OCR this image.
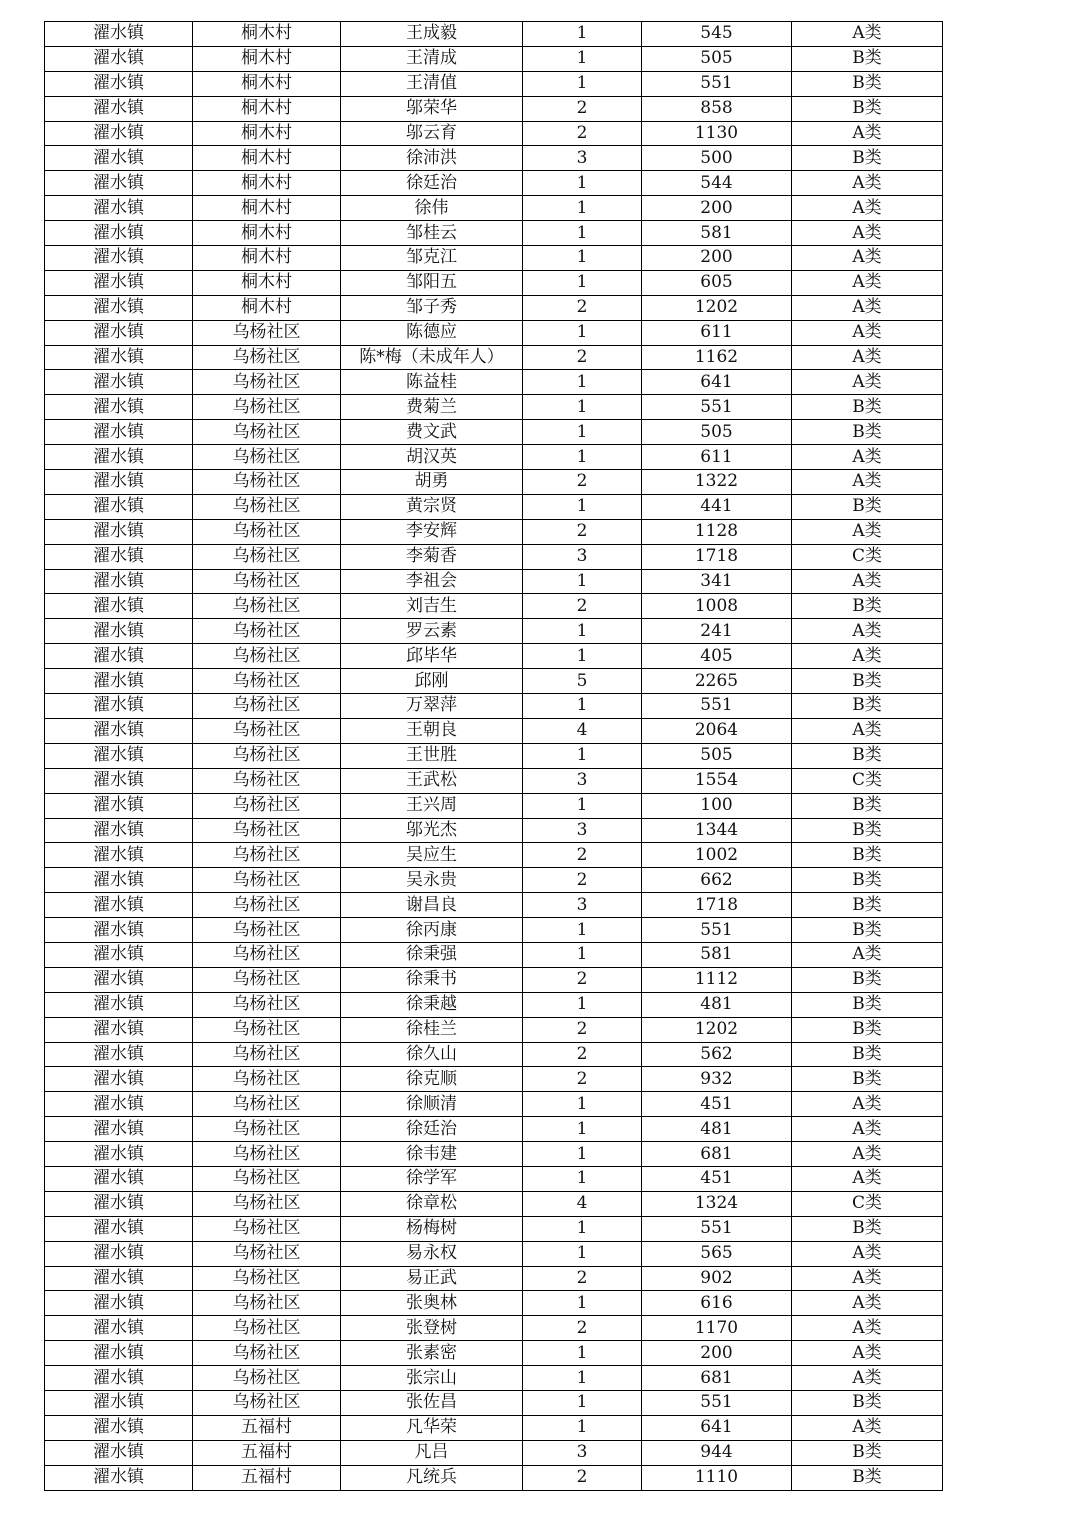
濯水镇	桐木村	王成毅	1	545	A类
濯水镇	桐木村	王清成	1	505	B类
濯水镇	桐木村	王清值	1	551	B类
濯水镇	桐木村	邬荣华	2	858	B类
濯水镇	桐木村	邬云育	2	1130	A类
濯水镇	桐木村	徐沛洪	3	500	B类
濯水镇	桐木村	徐廷治	1	544	A类
濯水镇	桐木村	徐伟	1	200	A类
濯水镇	桐木村	邹桂云	1	581	A类
濯水镇	桐木村	邹克江	1	200	A类
濯水镇	桐木村	邹阳五	1	605	A类
濯水镇	桐木村	邹子秀	2	1202	A类
濯水镇	乌杨社区	陈德应	1	611	A类
濯水镇	乌杨社区	陈*梅（未成年人）	2	1162	A类
濯水镇	乌杨社区	陈益桂	1	641	A类
濯水镇	乌杨社区	费菊兰	1	551	B类
濯水镇	乌杨社区	费文武	1	505	B类
濯水镇	乌杨社区	胡汉英	1	611	A类
濯水镇	乌杨社区	胡勇	2	1322	A类
濯水镇	乌杨社区	黄宗贤	1	441	B类
濯水镇	乌杨社区	李安辉	2	1128	A类
濯水镇	乌杨社区	李菊香	3	1718	C类
濯水镇	乌杨社区	李祖会	1	341	A类
濯水镇	乌杨社区	刘吉生	2	1008	B类
濯水镇	乌杨社区	罗云素	1	241	A类
濯水镇	乌杨社区	邱毕华	1	405	A类
濯水镇	乌杨社区	邱刚	5	2265	B类
濯水镇	乌杨社区	万翠萍	1	551	B类
濯水镇	乌杨社区	王朝良	4	2064	A类
濯水镇	乌杨社区	王世胜	1	505	B类
濯水镇	乌杨社区	王武松	3	1554	C类
濯水镇	乌杨社区	王兴周	1	100	B类
濯水镇	乌杨社区	邬光杰	3	1344	B类
濯水镇	乌杨社区	吴应生	2	1002	B类
濯水镇	乌杨社区	吴永贵	2	662	B类
濯水镇	乌杨社区	谢昌良	3	1718	B类
濯水镇	乌杨社区	徐丙康	1	551	B类
濯水镇	乌杨社区	徐秉强	1	581	A类
濯水镇	乌杨社区	徐秉书	2	1112	B类
濯水镇	乌杨社区	徐秉越	1	481	B类
濯水镇	乌杨社区	徐桂兰	2	1202	B类
濯水镇	乌杨社区	徐久山	2	562	B类
濯水镇	乌杨社区	徐克顺	2	932	B类
濯水镇	乌杨社区	徐顺清	1	451	A类
濯水镇	乌杨社区	徐廷治	1	481	A类
濯水镇	乌杨社区	徐韦建	1	681	A类
濯水镇	乌杨社区	徐学军	1	451	A类
濯水镇	乌杨社区	徐章松	4	1324	C类
濯水镇	乌杨社区	杨梅树	1	551	B类
濯水镇	乌杨社区	易永权	1	565	A类
濯水镇	乌杨社区	易正武	2	902	A类
濯水镇	乌杨社区	张奥林	1	616	A类
濯水镇	乌杨社区	张登树	2	1170	A类
濯水镇	乌杨社区	张素密	1	200	A类
濯水镇	乌杨社区	张宗山	1	681	A类
濯水镇	乌杨社区	张佐昌	1	551	B类
濯水镇	五福村	凡华荣	1	641	A类
濯水镇	五福村	凡吕	3	944	B类
濯水镇	五福村	凡统兵	2	1110	B类
